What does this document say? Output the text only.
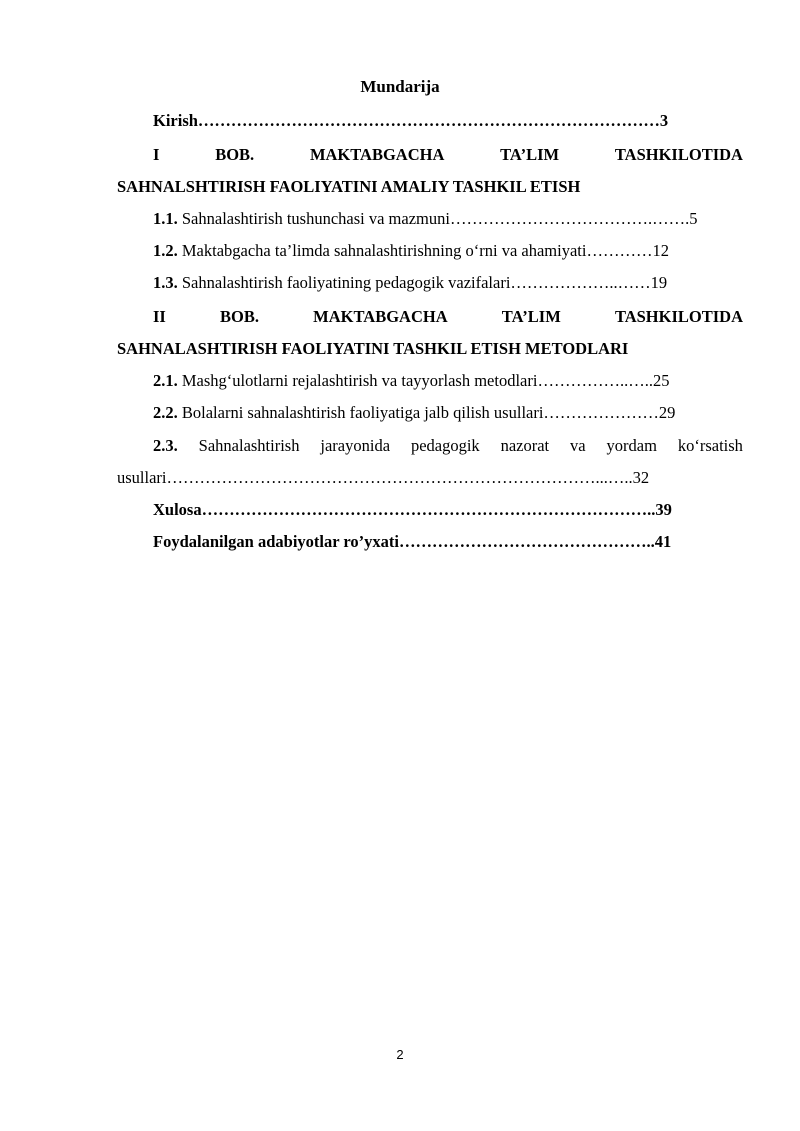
Mundarija
Kirish…………………………………………………………………………3
I	BOB.	MAKTABGACHA	TA’LIM	TASHKILOTIDA
SAHNALSHTIRISH FAOLIYATINI AMALIY TASHKIL ETISH
1.1. Sahnalashtirish tushunchasi va mazmuni……………………………….…….5
1.2. Maktabgacha ta’limda sahnalashtirishning o‘rni va ahamiyati…………12
1.3. Sahnalashtirish faoliyatining pedagogik vazifalari………………..……19
II	BOB.	MAKTABGACHA	TA’LIM	TASHKILOTIDA
SAHNALASHTIRISH FAOLIYATINI TASHKIL ETISH METODLARI
2.1. Mashg‘ulotlarni rejalashtirish va tayyorlash metodlari……………..…..25
2.2. Bolalarni sahnalashtirish faoliyatiga jalb qilish usullari…………………29
2.3. Sahnalashtirish jarayonida pedagogik nazorat va yordam ko‘rsatish
usullari……………………………………………………………………...…..32
Xulosa………………………………………………………………………..39
Foydalanilgan adabiyotlar ro’yxati………………………………………..41
2
